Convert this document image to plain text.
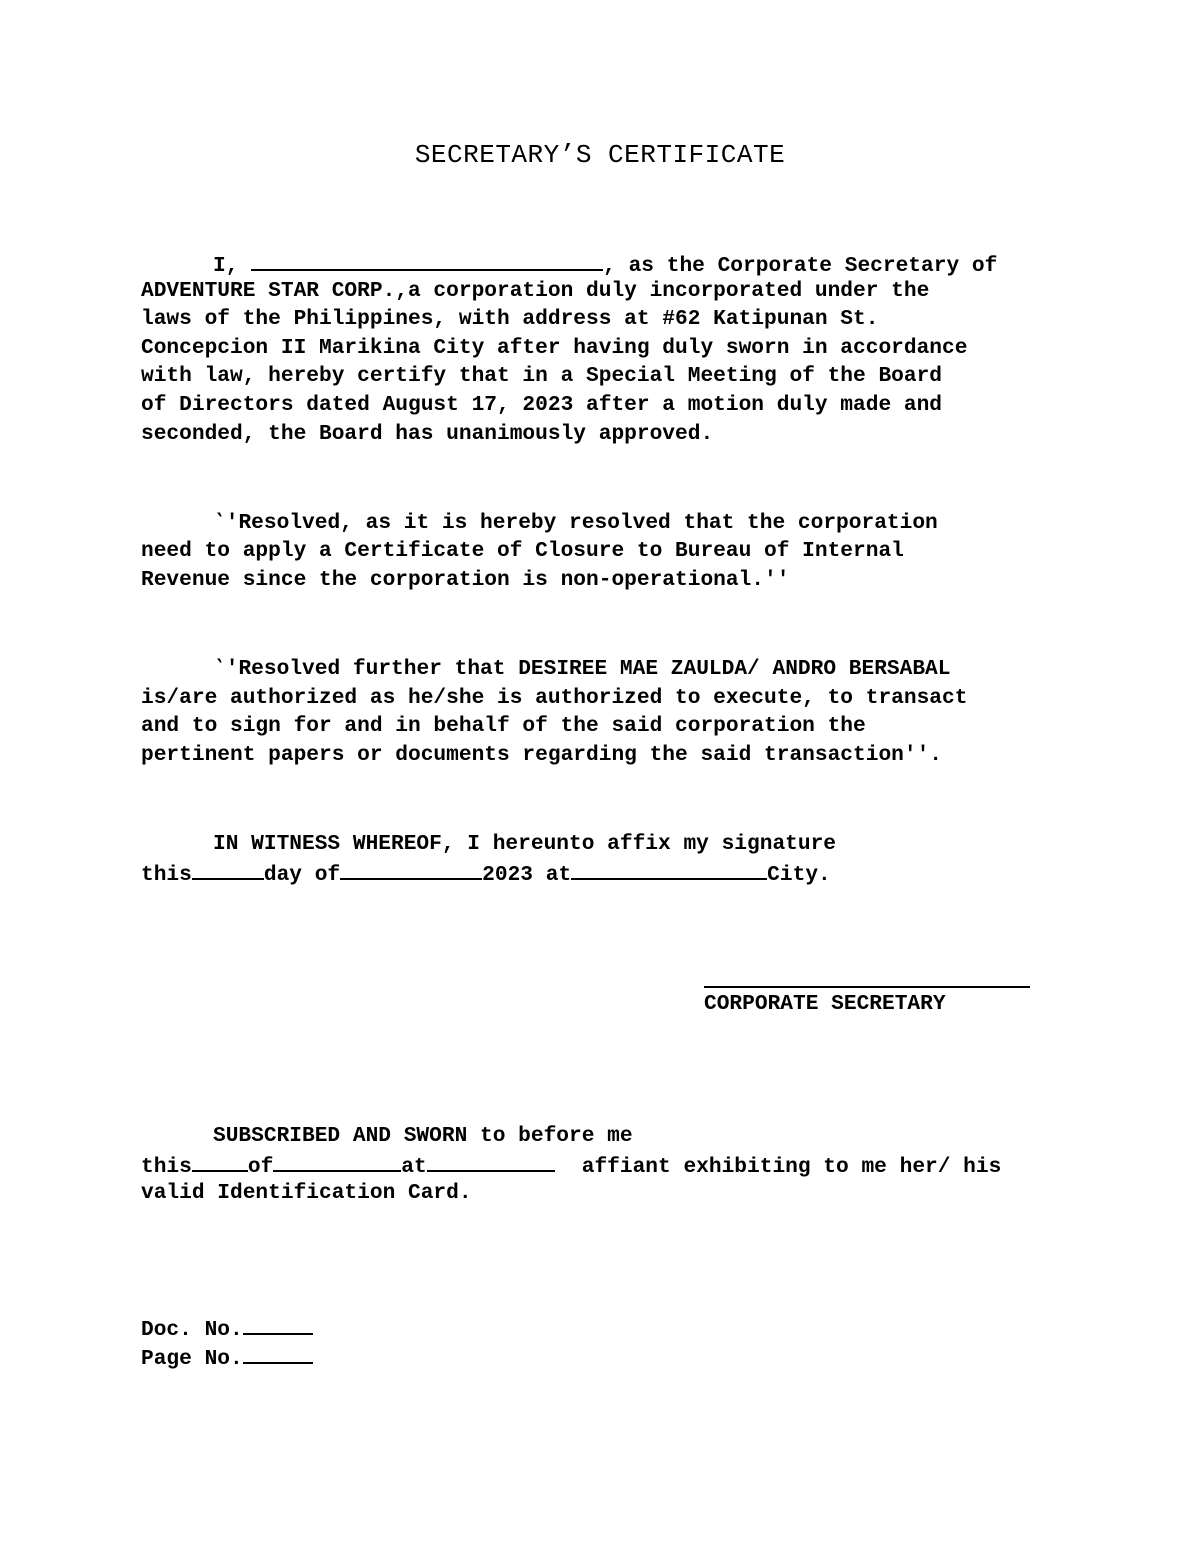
SECRETARY’S CERTIFICATE
I,	, as the Corporate Secretary of
ADVENTURE STAR CORP.,a corporation duly incorporated under the
laws of the Philippines, with address at #62 Katipunan St.
Concepcion II Marikina City after having duly sworn in accordance
with law, hereby certify that in a Special Meeting of the Board
of Directors dated August 17, 2023 after a motion duly made and
seconded, the Board has unanimously approved.
‵′Resolved, as it is hereby resolved that the corporation
need to apply a Certificate of Closure to Bureau of Internal
Revenue since the corporation is non-operational.′′
‵′Resolved further that DESIREE MAE ZAULDA/ ANDRO BERSABAL
is/are authorized as he/she is authorized to execute, to transact
and to sign for and in behalf of the said corporation the
pertinent papers or documents regarding the said transaction′′.
IN WITNESS WHEREOF, I hereunto affix my signature
this	day of	2023 at	City.
CORPORATE SECRETARY
SUBSCRIBED AND SWORN to before me
this	of	at	affiant exhibiting to me her/ his
valid Identification Card.
Doc. No.
Page No.
